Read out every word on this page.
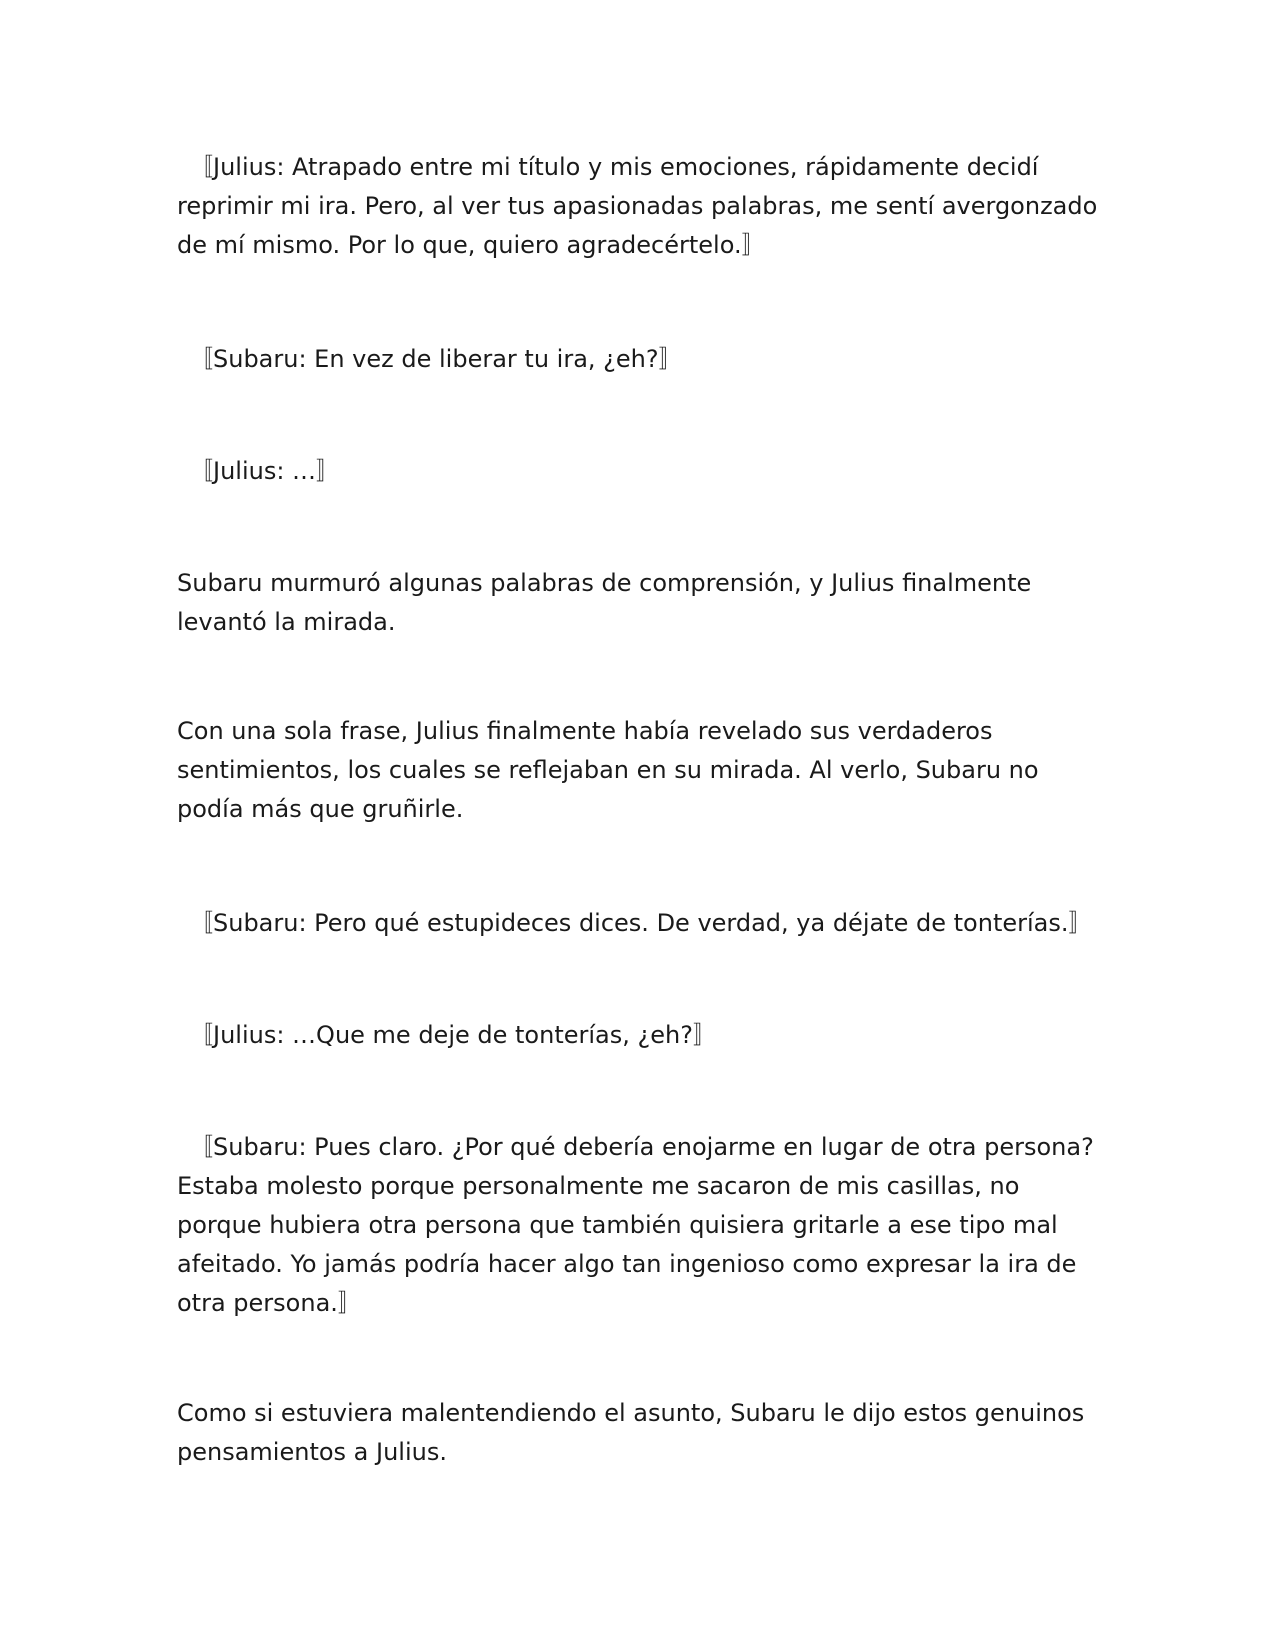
　〚Julius: Atrapado entre mi título y mis emociones, rápidamente decidí reprimir mi ira. Pero, al ver tus apasionadas palabras, me sentí avergonzado de mí mismo. Por lo que, quiero agradecértelo.〛

　〚Subaru: En vez de liberar tu ira, ¿eh?〛

　〚Julius: …〛

Subaru murmuró algunas palabras de comprensión, y Julius finalmente levantó la mirada.

Con una sola frase, Julius finalmente había revelado sus verdaderos sentimientos, los cuales se reflejaban en su mirada. Al verlo, Subaru no podía más que gruñirle.

　〚Subaru: Pero qué estupideces dices. De verdad, ya déjate de tonterías.〛

　〚Julius: …Que me deje de tonterías, ¿eh?〛

　〚Subaru: Pues claro. ¿Por qué debería enojarme en lugar de otra persona? Estaba molesto porque personalmente me sacaron de mis casillas, no porque hubiera otra persona que también quisiera gritarle a ese tipo mal afeitado. Yo jamás podría hacer algo tan ingenioso como expresar la ira de otra persona.〛

Como si estuviera malentendiendo el asunto, Subaru le dijo estos genuinos pensamientos a Julius.
